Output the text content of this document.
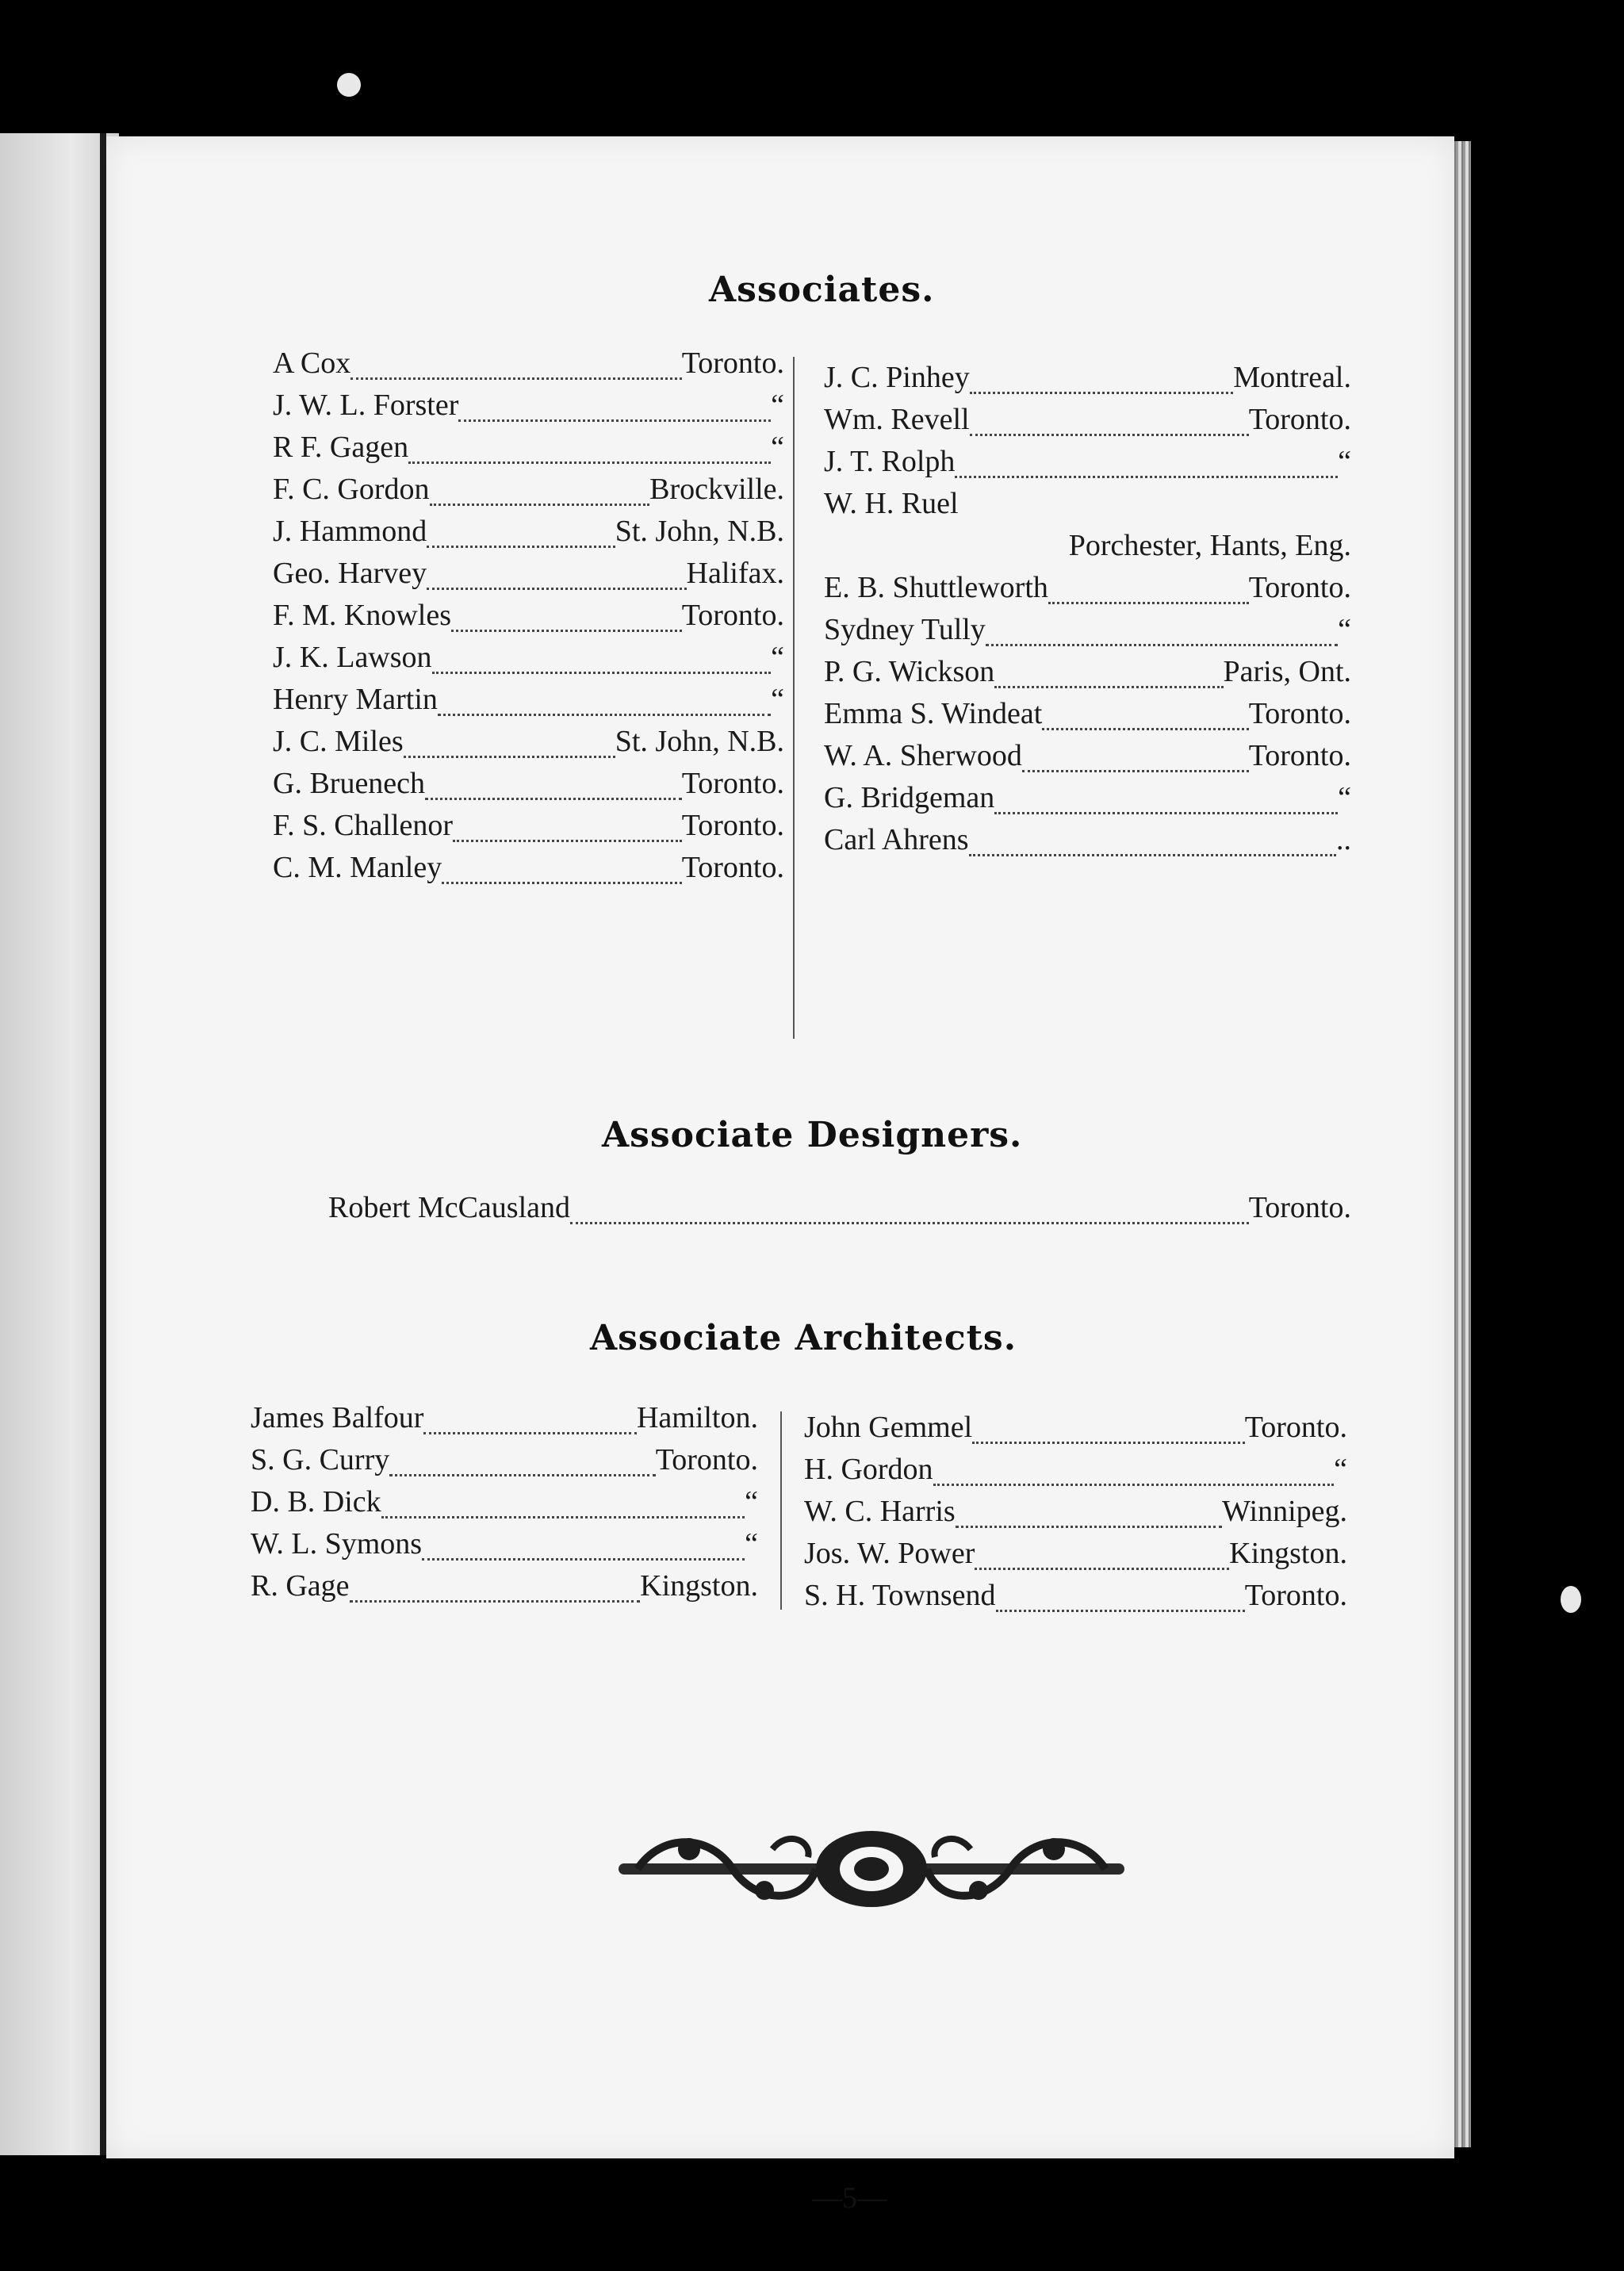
Associates.
Associate Designers.
Associate Architects.
—5—
A Cox	Toronto.
J. W. L. Forster	“
R F. Gagen	“
F. C. Gordon	Brockville.
J. Hammond	St. John, N.B.
Geo. Harvey	Halifax.
F. M. Knowles	Toronto.
J. K. Lawson	“
Henry Martin	“
J. C. Miles	St. John, N.B.
G. Bruenech	Toronto.
F. S. Challenor	Toronto.
C. M. Manley	Toronto.
J. C. Pinhey	Montreal.
Wm. Revell	Toronto.
J. T. Rolph	“
W. H. Ruel
Porchester, Hants, Eng.
E. B. Shuttleworth	Toronto.
Sydney Tully	“
P. G. Wickson	Paris, Ont.
Emma S. Windeat	Toronto.
W. A. Sherwood	Toronto.
G. Bridgeman	“
Carl Ahrens	..
Robert McCausland	Toronto.
James Balfour	Hamilton.
S. G. Curry	Toronto.
D. B. Dick	“
W. L. Symons	“
R. Gage	Kingston.
John Gemmel	Toronto.
H. Gordon	“
W. C. Harris	Winnipeg.
Jos. W. Power	Kingston.
S. H. Townsend	Toronto.
